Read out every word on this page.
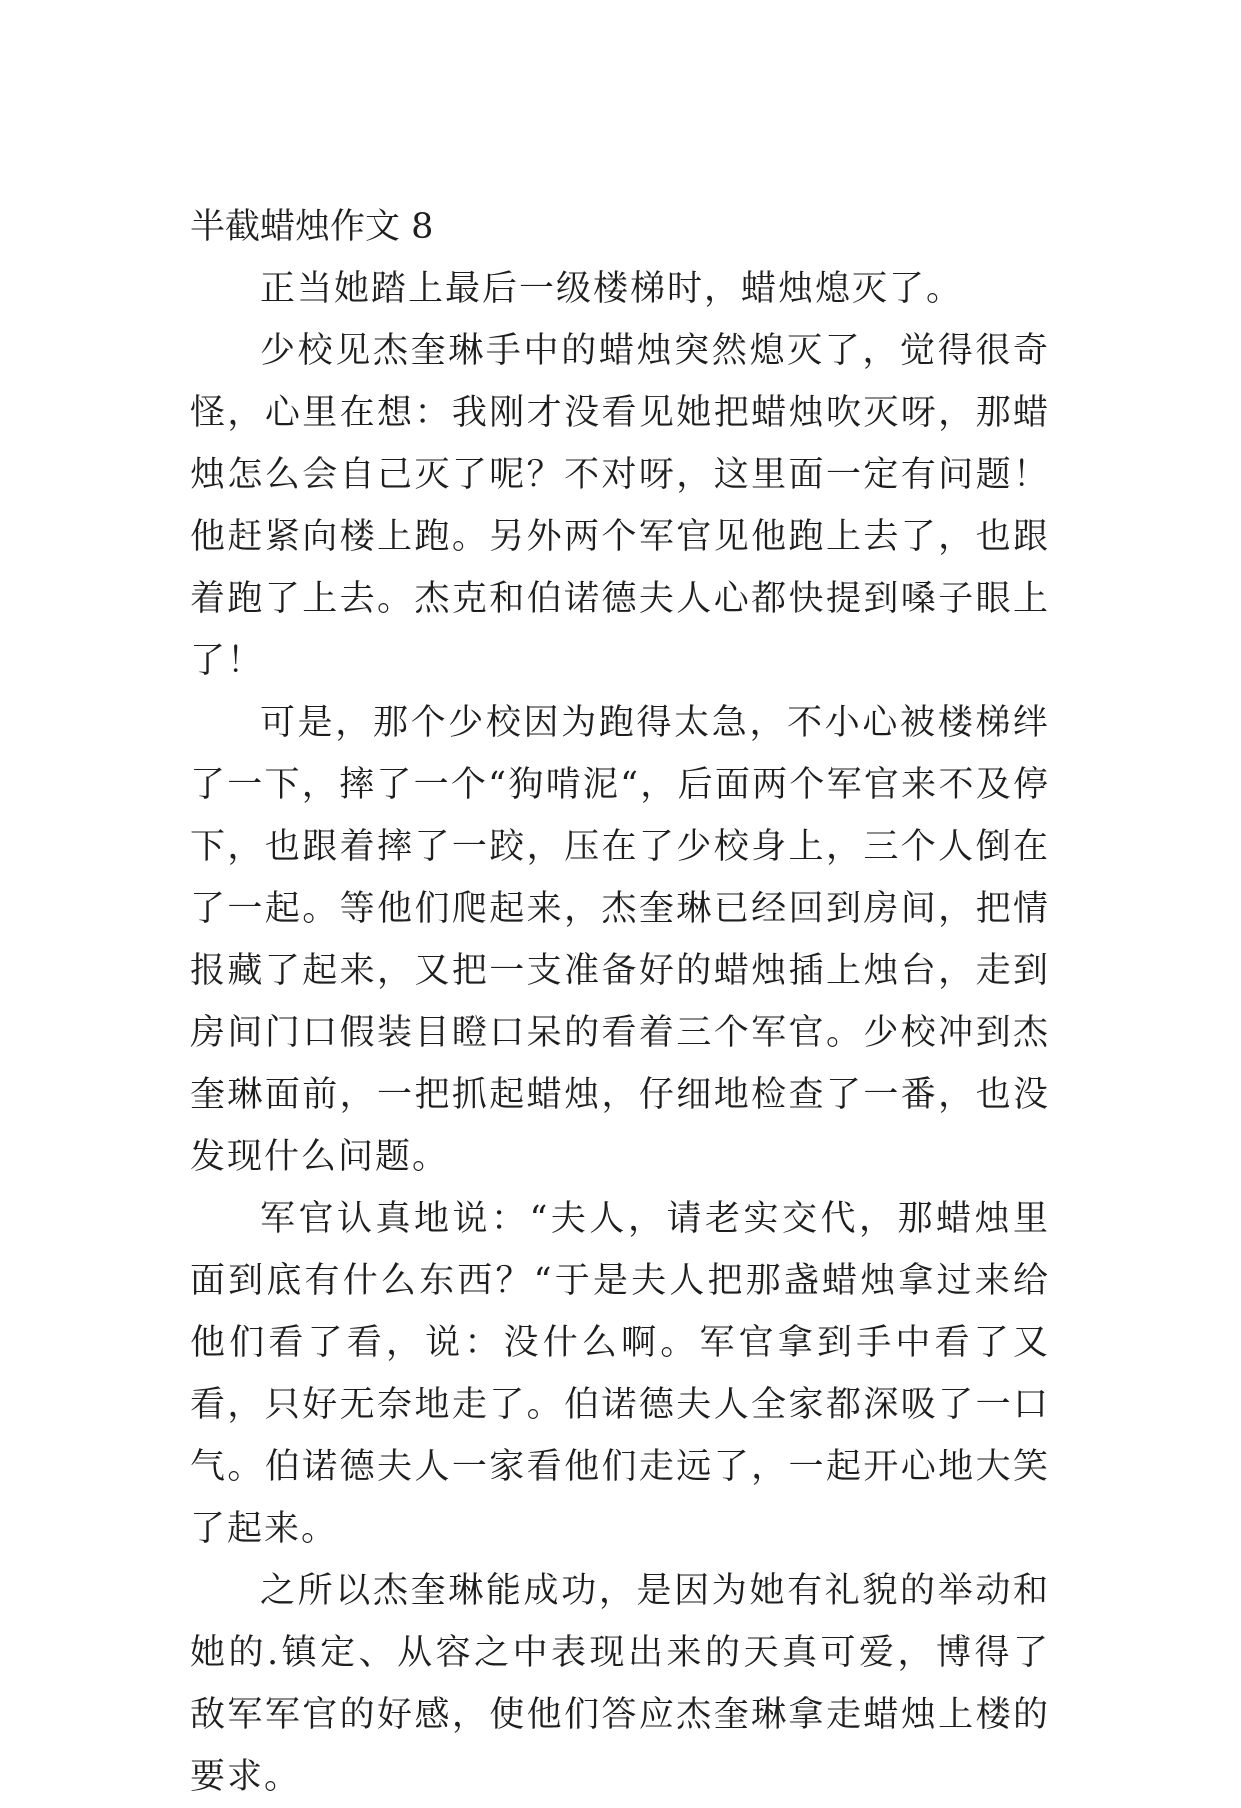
半截蜡烛作文 8

正当她踏上最后一级楼梯时，蜡烛熄灭了。

少校见杰奎琳手中的蜡烛突然熄灭了，觉得很奇怪，心里在想：我刚才没看见她把蜡烛吹灭呀，那蜡烛怎么会自己灭了呢？不对呀，这里面一定有问题！他赶紧向楼上跑。另外两个军官见他跑上去了，也跟着跑了上去。杰克和伯诺德夫人心都快提到嗓子眼上了！

可是，那个少校因为跑得太急，不小心被楼梯绊了一下，摔了一个“狗啃泥“，后面两个军官来不及停下，也跟着摔了一跤，压在了少校身上，三个人倒在了一起。等他们爬起来，杰奎琳已经回到房间，把情报藏了起来，又把一支准备好的蜡烛插上烛台，走到房间门口假装目瞪口呆的看着三个军官。少校冲到杰奎琳面前，一把抓起蜡烛，仔细地检查了一番，也没发现什么问题。

军官认真地说：“夫人，请老实交代，那蜡烛里面到底有什么东西？“于是夫人把那盏蜡烛拿过来给他们看了看，说：没什么啊。军官拿到手中看了又看，只好无奈地走了。伯诺德夫人全家都深吸了一口气。伯诺德夫人一家看他们走远了，一起开心地大笑了起来。

之所以杰奎琳能成功，是因为她有礼貌的举动和她的.镇定、从容之中表现出来的天真可爱，博得了敌军军官的好感，使他们答应杰奎琳拿走蜡烛上楼的要求。
